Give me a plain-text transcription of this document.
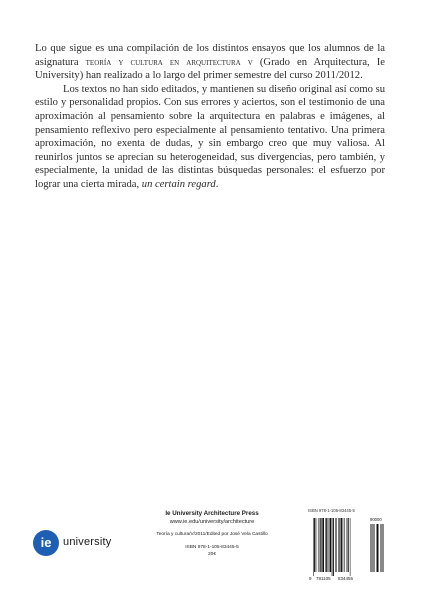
Lo que sigue es una compilación de los distintos ensayos que los alumnos de la asignatura teoría y cultura en arquitectura v (Grado en Arquitectura, Ie University) han realizado a lo largo del primer semestre del curso 2011/2012.

Los textos no han sido editados, y mantienen su diseño original así como su estilo y personalidad propios. Con sus errores y aciertos, son el testimonio de una aproximación al pensamiento sobre la arquitectura en palabras e imágenes, al pensamiento reflexivo pero especialmente al pensamiento tentativo. Una primera aproximación, no exenta de dudas, y sin embargo creo que muy valiosa. Al reunirlos juntos se aprecian su heterogeneidad, sus divergencias, pero también, y especialmente, la unidad de las distintas búsquedas personales: el esfuerzo por lograr una cierta mirada, un certain regard.

ie	university
Ie University Architecture Press
www.ie.edu/university/architecture
Teoría y cultura/V/2011/Edited por José Vela Castillo
ISBN 978-1-105-83445-5
20€
ISBN 978-1-105-83445-5
9 781105 834455
90000
